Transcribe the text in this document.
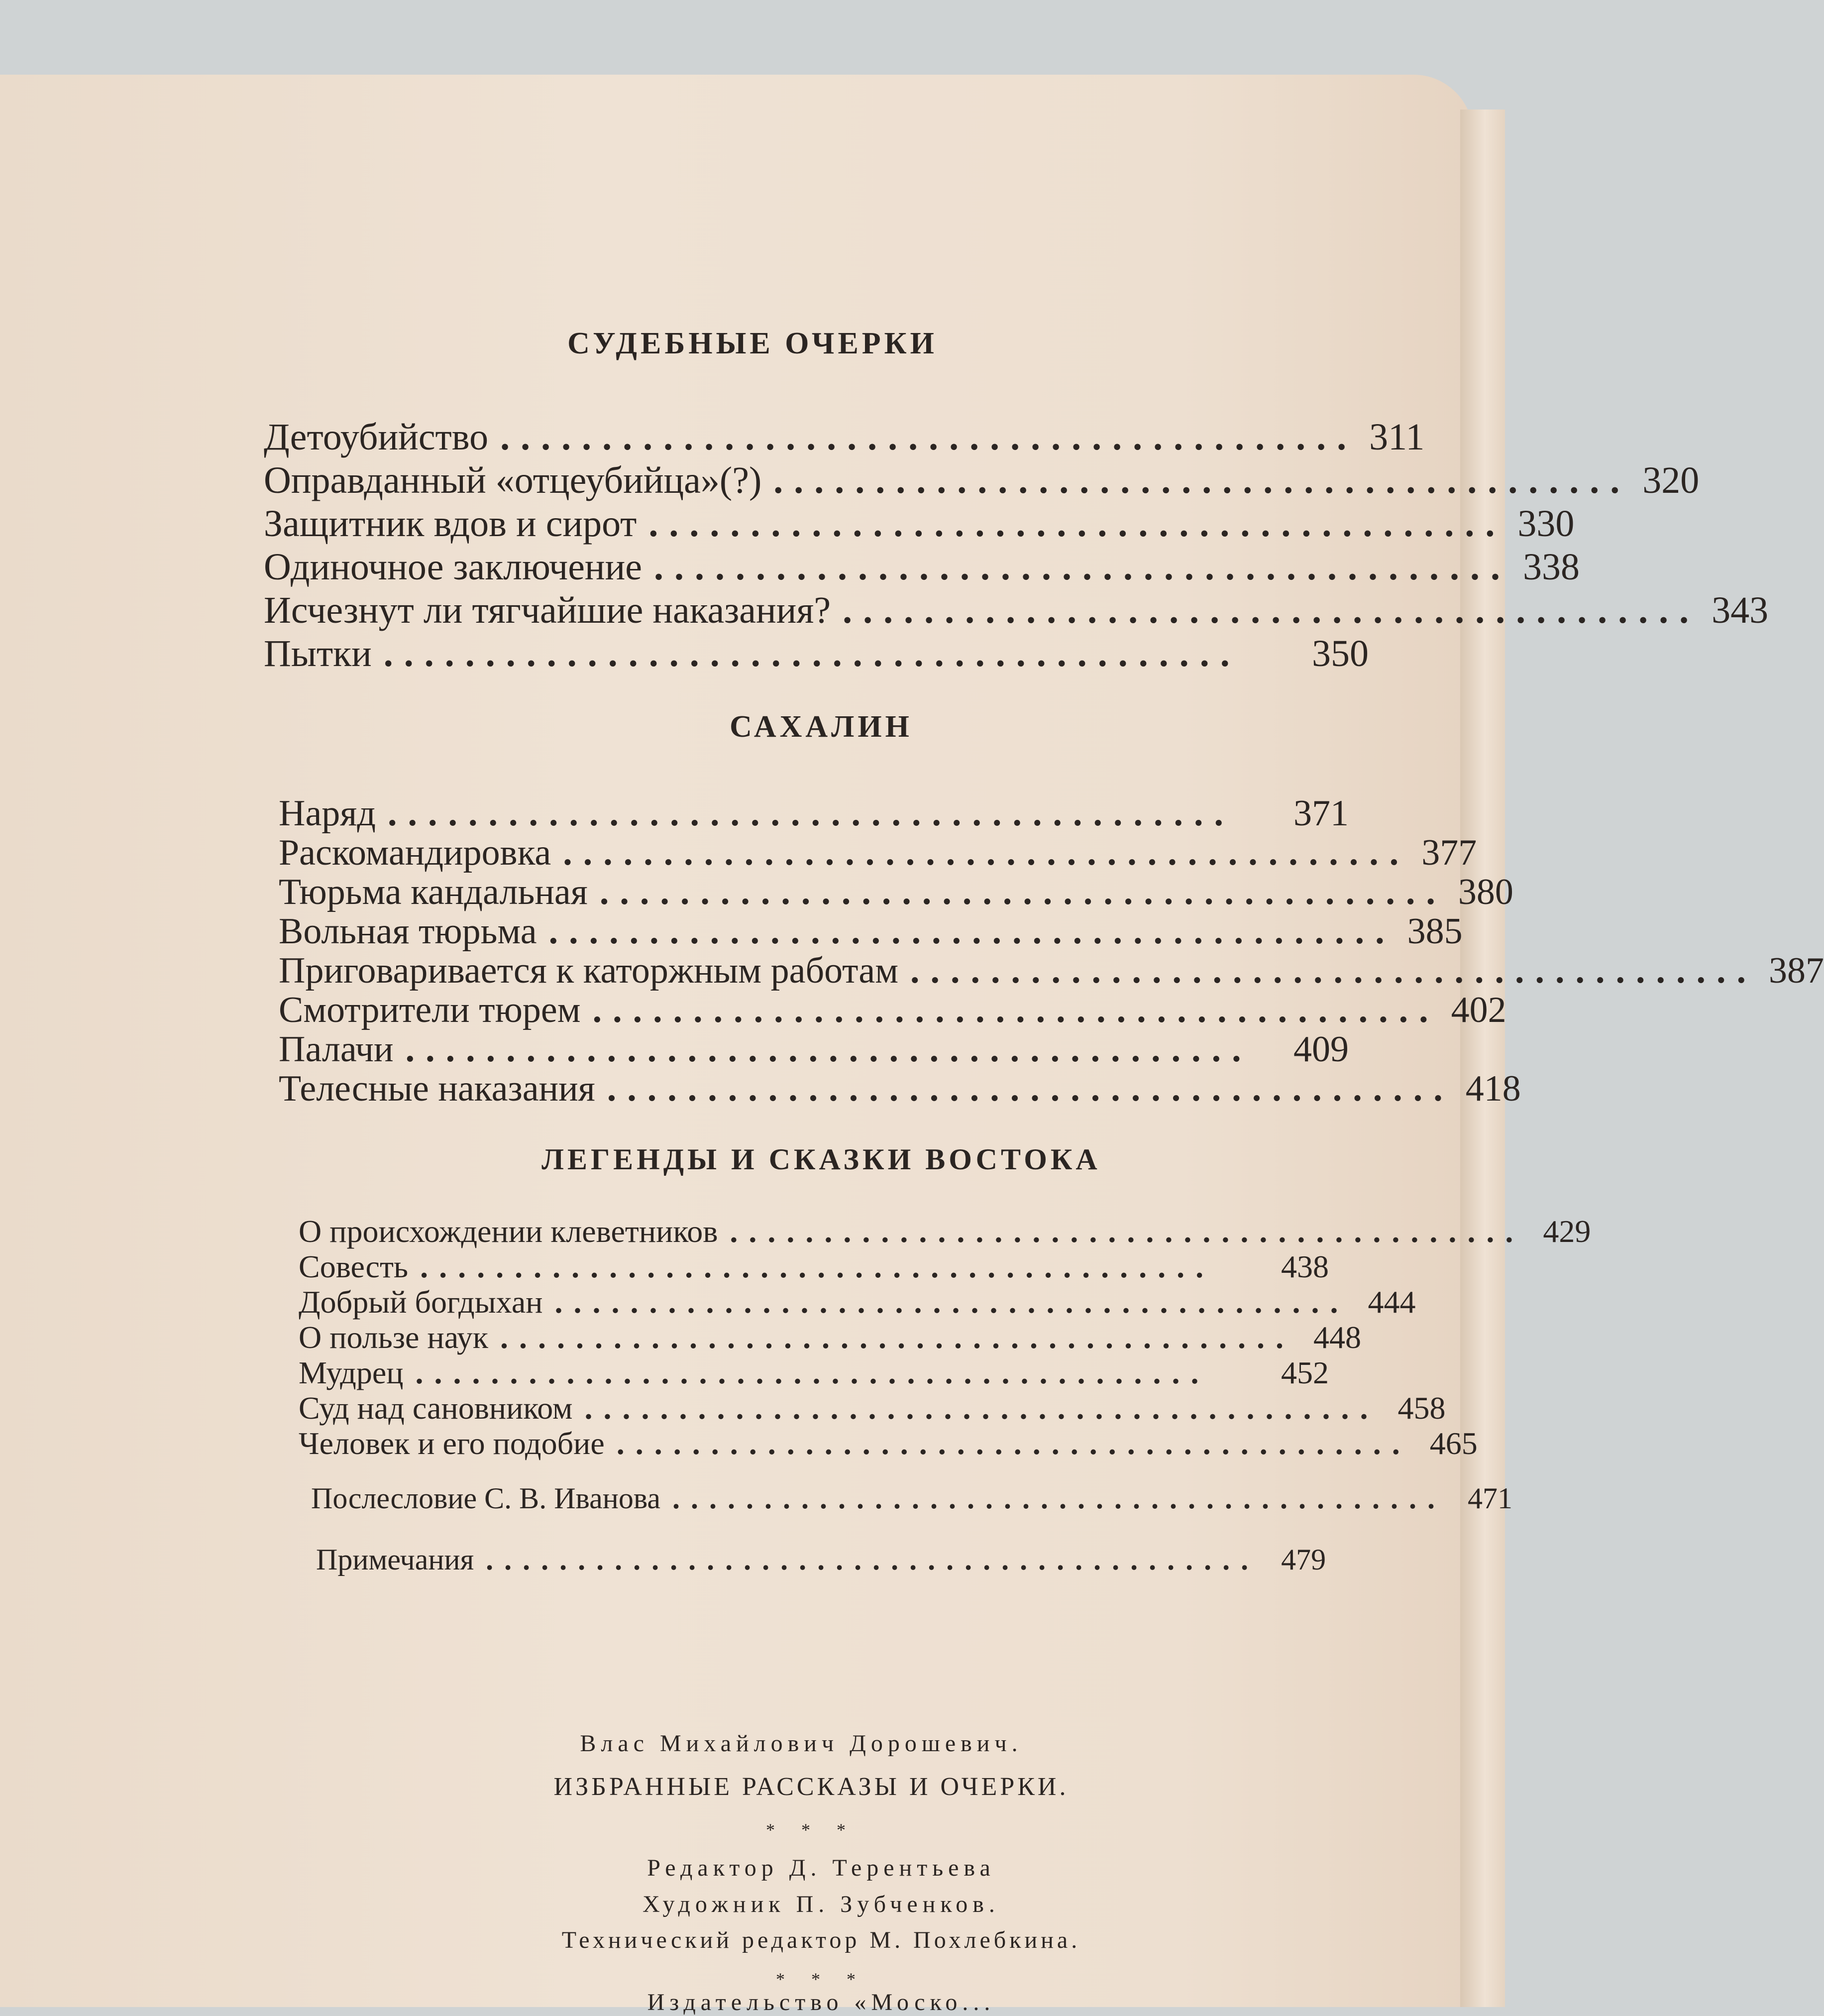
СУДЕБНЫЕ ОЧЕРКИ
Детоубийство .......................................... 311
Оправданный «отцеубийца»(?) .......................................... 320
Защитник вдов и сирот .......................................... 330
Одиночное заключение .......................................... 338
Исчезнут ли тягчайшие наказания? .......................................... 343
Пытки ..........................................	350
САХАЛИН
Наряд ..........................................	371
Раскомандировка .......................................... 377
Тюрьма кандальная .......................................... 380
Вольная тюрьма .......................................... 385
Приговаривается к каторжным работам .......................................... 387
Смотрители тюрем .......................................... 402
Палачи ..........................................	409
Телесные наказания .......................................... 418
ЛЕГЕНДЫ И СКАЗКИ ВОСТОКА
О происхождении клеветников .......................................... 429
Совесть ..........................................	438
Добрый богдыхан .......................................... 444
О пользе наук .......................................... 448
Мудрец ..........................................	452
Суд над сановником .......................................... 458
Человек и его подобие .......................................... 465
Послесловие С. В. Иванова .......................................... 471
Примечания .......................................... 479
Влас Михайлович Дорошевич.
ИЗБРАННЫЕ РАССКАЗЫ И ОЧЕРКИ.
* * *
Редактор Д. Терентьева
Художник П. Зубченков.
Технический редактор М. Похлебкина.
* * *
Издательство «Моско...
